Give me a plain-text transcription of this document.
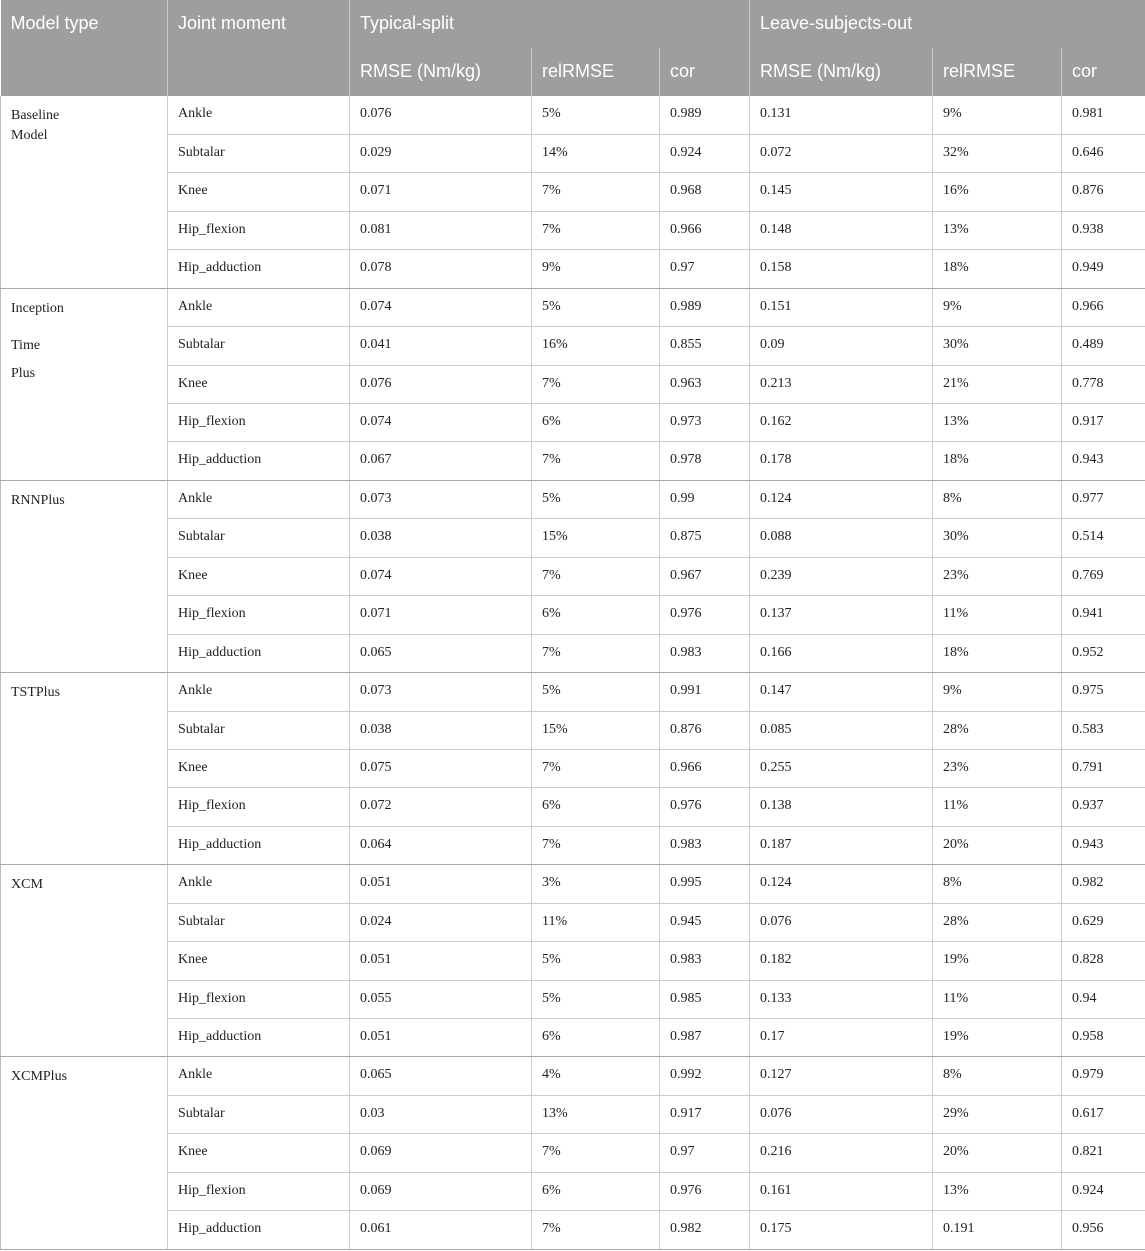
Model type	Joint moment	Typical-split			Leave-subjects-out		
		RMSE (Nm/kg)	relRMSE	cor	RMSE (Nm/kg)	relRMSE	cor

Baseline
Model	Ankle	0.076	5%	0.989	0.131	9%	0.981
	Subtalar	0.029	14%	0.924	0.072	32%	0.646
	Knee	0.071	7%	0.968	0.145	16%	0.876
	Hip_flexion	0.081	7%	0.966	0.148	13%	0.938
	Hip_adduction	0.078	9%	0.97	0.158	18%	0.949

Inception
Time
Plus	Ankle	0.074	5%	0.989	0.151	9%	0.966
	Subtalar	0.041	16%	0.855	0.09	30%	0.489
	Knee	0.076	7%	0.963	0.213	21%	0.778
	Hip_flexion	0.074	6%	0.973	0.162	13%	0.917
	Hip_adduction	0.067	7%	0.978	0.178	18%	0.943

RNNPlus	Ankle	0.073	5%	0.99	0.124	8%	0.977
	Subtalar	0.038	15%	0.875	0.088	30%	0.514
	Knee	0.074	7%	0.967	0.239	23%	0.769
	Hip_flexion	0.071	6%	0.976	0.137	11%	0.941
	Hip_adduction	0.065	7%	0.983	0.166	18%	0.952

TSTPlus	Ankle	0.073	5%	0.991	0.147	9%	0.975
	Subtalar	0.038	15%	0.876	0.085	28%	0.583
	Knee	0.075	7%	0.966	0.255	23%	0.791
	Hip_flexion	0.072	6%	0.976	0.138	11%	0.937
	Hip_adduction	0.064	7%	0.983	0.187	20%	0.943

XCM	Ankle	0.051	3%	0.995	0.124	8%	0.982
	Subtalar	0.024	11%	0.945	0.076	28%	0.629
	Knee	0.051	5%	0.983	0.182	19%	0.828
	Hip_flexion	0.055	5%	0.985	0.133	11%	0.94
	Hip_adduction	0.051	6%	0.987	0.17	19%	0.958

XCMPlus	Ankle	0.065	4%	0.992	0.127	8%	0.979
	Subtalar	0.03	13%	0.917	0.076	29%	0.617
	Knee	0.069	7%	0.97	0.216	20%	0.821
	Hip_flexion	0.069	6%	0.976	0.161	13%	0.924
	Hip_adduction	0.061	7%	0.982	0.175	0.191	0.956
